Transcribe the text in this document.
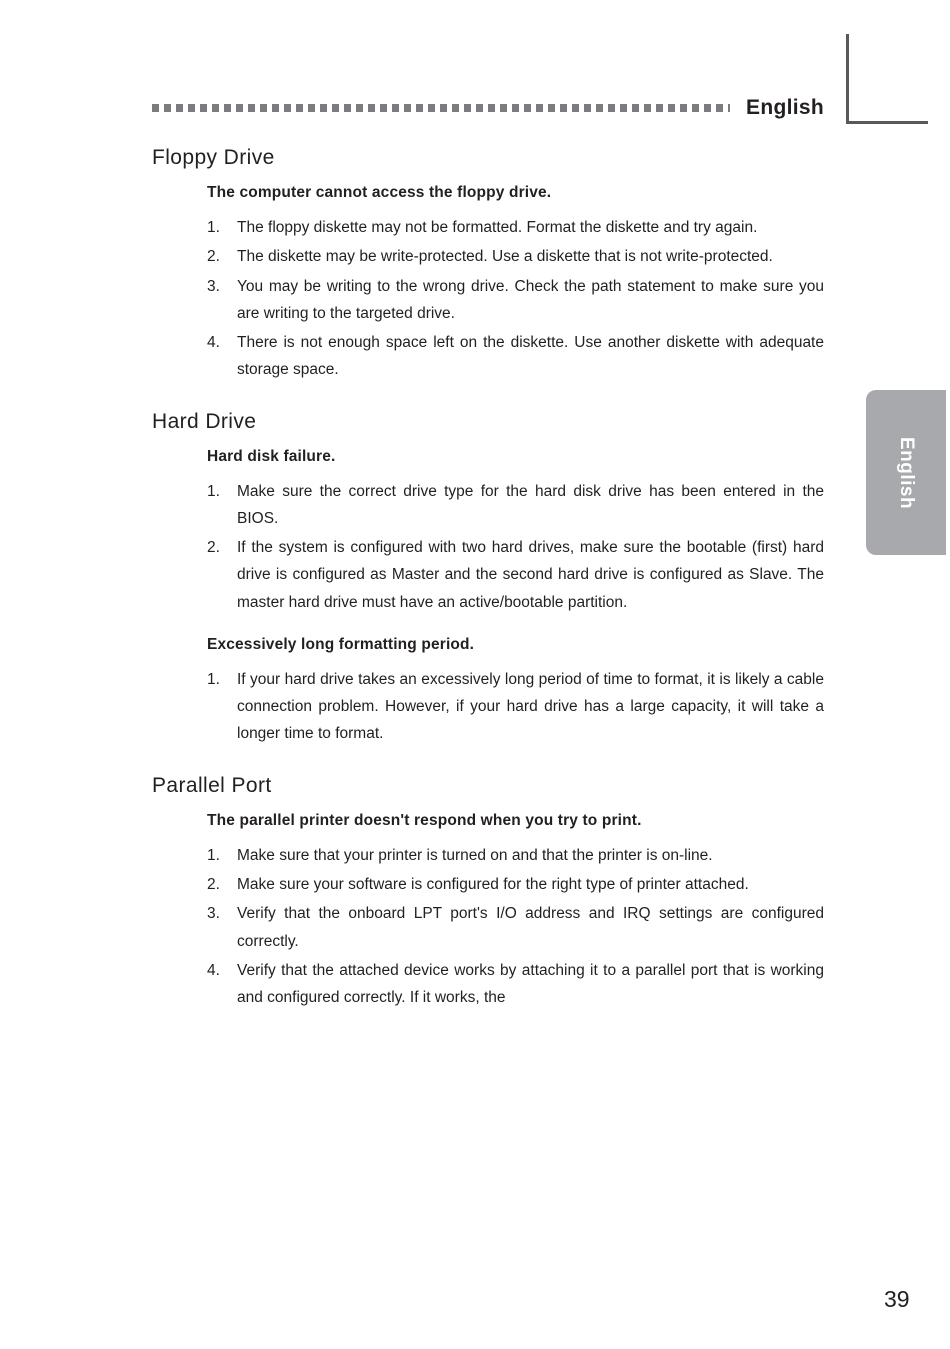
English
English
Floppy Drive
The computer cannot access the floppy drive.
1.	The floppy diskette may not be formatted. Format the diskette and try again.
2.	The diskette may be write-protected. Use a diskette that is not write-protected.
3.	You may be writing to the wrong drive. Check the path statement to make sure you are writing to the targeted drive.
4.	There is not enough space left on the diskette. Use another diskette with adequate storage space.
Hard Drive
Hard disk failure.
1.	Make sure the correct drive type for the hard disk drive has been entered in the BIOS.
2.	If the system is configured with two hard drives, make sure the bootable (first) hard drive is configured as Master and the second hard drive is configured as Slave. The master hard drive must have an active/bootable partition.
Excessively long formatting period.
1.	If your hard drive takes an excessively long period of time to format, it is likely a cable connection problem. However, if your hard drive has a large capacity, it will take a longer time to format.
Parallel Port
The parallel printer doesn't respond when you try to print.
1.	Make sure that your printer is turned on and that the printer is on-line.
2.	Make sure your software is configured for the right type of printer attached.
3.	Verify that the onboard LPT port's I/O address and IRQ settings are configured correctly.
4.	Verify that the attached device works by attaching it to a parallel port that is working and configured correctly. If it works, the
39
